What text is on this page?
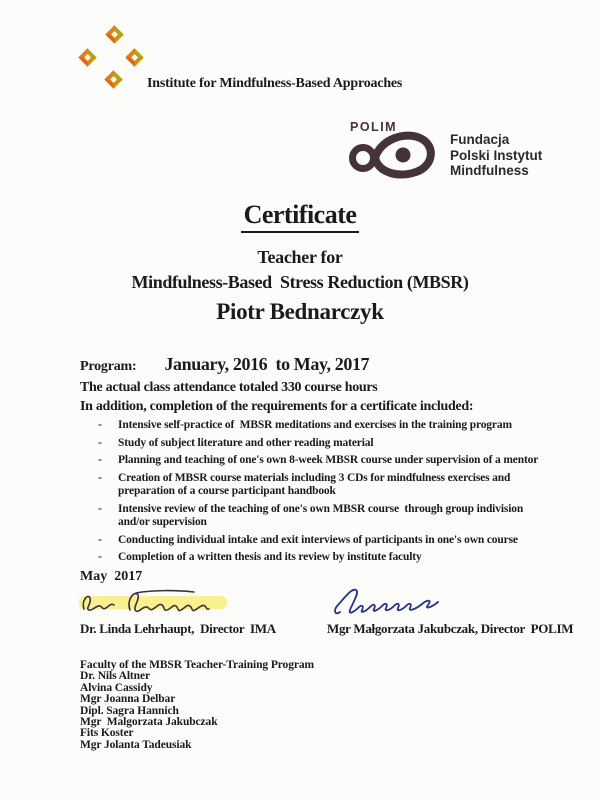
Institute for Mindfulness-Based Approaches
POLIM
Fundacja
Polski Instytut
Mindfulness
Certificate
Teacher for
Mindfulness-Based  Stress Reduction (MBSR)
Piotr Bednarczyk
Program: January, 2016  to May, 2017
The actual class attendance totaled 330 course hours
In addition, completion of the requirements for a certificate included:
-	Intensive self-practice of  MBSR meditations and exercises in the training program
-	Study of subject literature and other reading material
-	Planning and teaching of one's own 8-week MBSR course under supervision of a mentor
-	Creation of MBSR course materials including 3 CDs for mindfulness exercises and preparation of a course participant handbook
-	Intensive review of the teaching of one's own MBSR course  through group indivision and/or supervision
-	Conducting individual intake and exit interviews of participants in one's own course
-	Completion of a written thesis and its review by institute faculty
May  2017
Dr. Linda Lehrhaupt,  Director  IMA	Mgr Małgorzata Jakubczak, Director  POLIM
Faculty of the MBSR Teacher-Training Program
Dr. Nils Altner
Alvina Cassidy
Mgr Joanna Delbar
Dipl. Sagra Hannich
Mgr  Malgorzata Jakubczak
Fits Koster
Mgr Jolanta Tadeusiak
